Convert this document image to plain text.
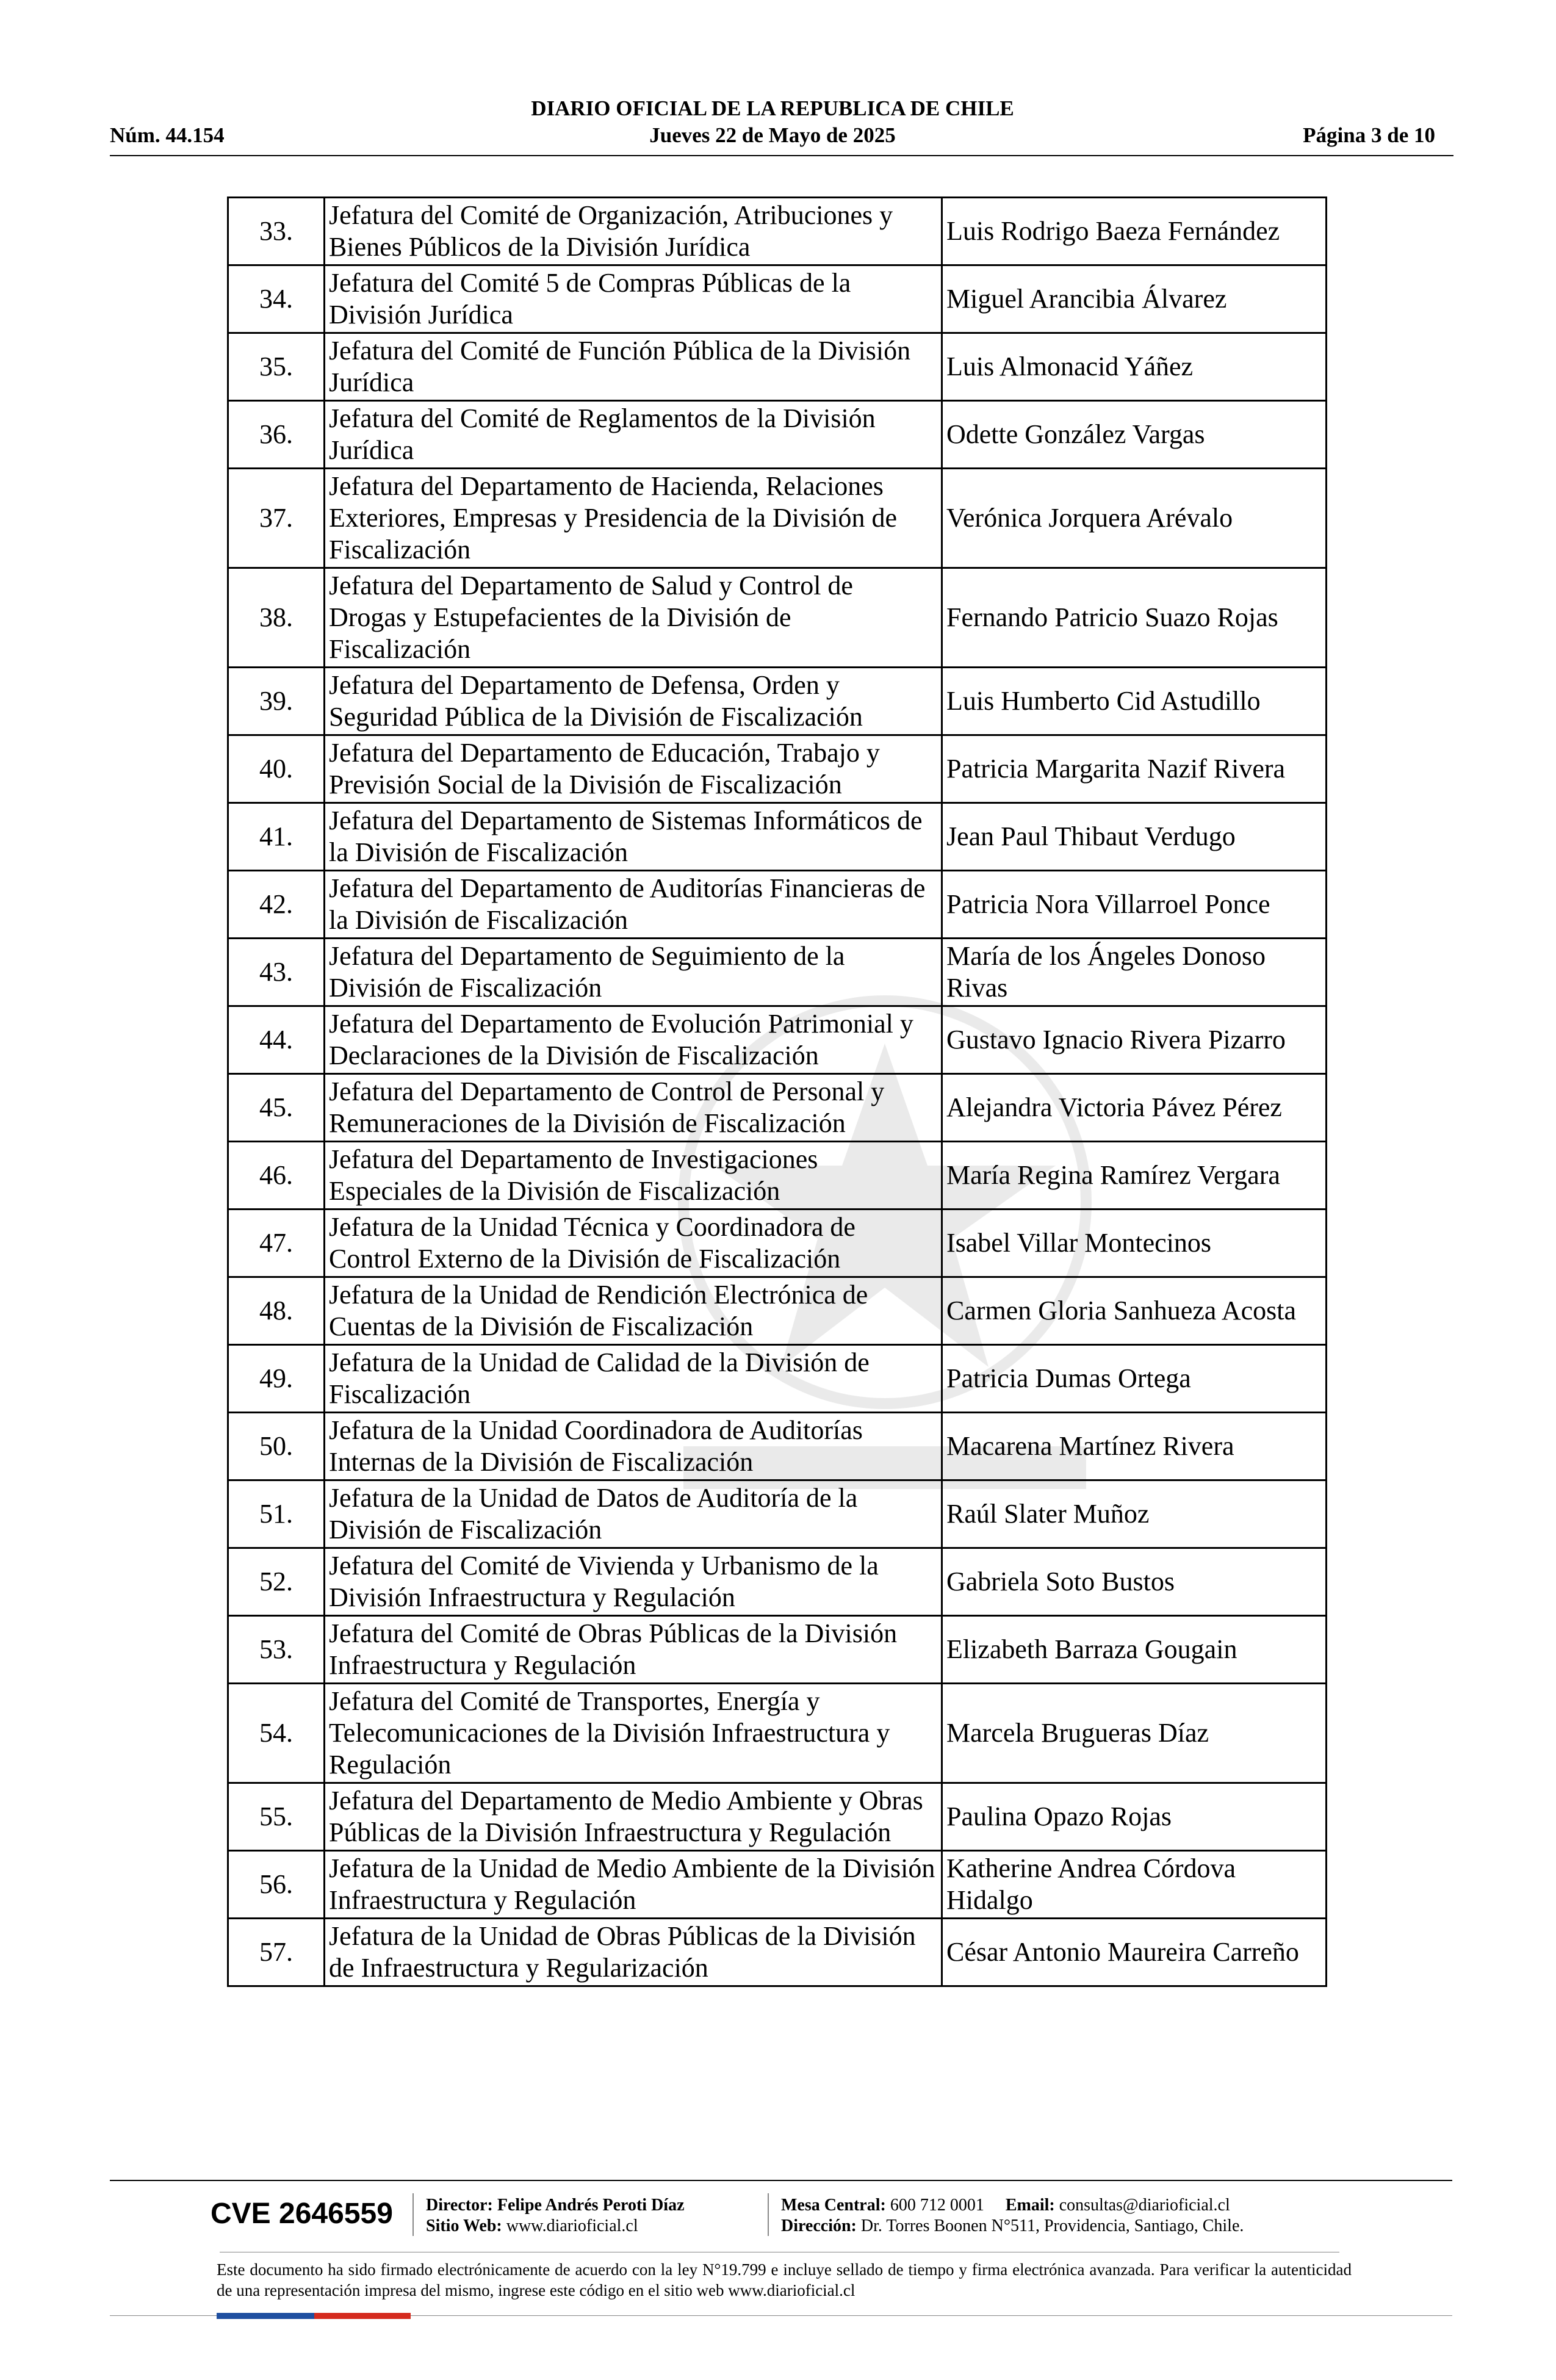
DIARIO OFICIAL DE LA REPUBLICA DE CHILE
Núm. 44.154	Jueves 22 de Mayo de 2025	Página 3 de 10
33.	Jefatura del Comité de Organización, Atribuciones y Bienes Públicos de la División Jurídica	Luis Rodrigo Baeza Fernández
34.	Jefatura del Comité 5 de Compras Públicas de la División Jurídica	Miguel Arancibia Álvarez
35.	Jefatura del Comité de Función Pública de la División Jurídica	Luis Almonacid Yáñez
36.	Jefatura del Comité de Reglamentos de la División Jurídica	Odette González Vargas
37.	Jefatura del Departamento de Hacienda, Relaciones Exteriores, Empresas y Presidencia de la División de Fiscalización	Verónica Jorquera Arévalo
38.	Jefatura del Departamento de Salud y Control de Drogas y Estupefacientes de la División de Fiscalización	Fernando Patricio Suazo Rojas
39.	Jefatura del Departamento de Defensa, Orden y Seguridad Pública de la División de Fiscalización	Luis Humberto Cid Astudillo
40.	Jefatura del Departamento de Educación, Trabajo y Previsión Social de la División de Fiscalización	Patricia Margarita Nazif Rivera
41.	Jefatura del Departamento de Sistemas Informáticos de la División de Fiscalización	Jean Paul Thibaut Verdugo
42.	Jefatura del Departamento de Auditorías Financieras de la División de Fiscalización	Patricia Nora Villarroel Ponce
43.	Jefatura del Departamento de Seguimiento de la División de Fiscalización	María de los Ángeles Donoso Rivas
44.	Jefatura del Departamento de Evolución Patrimonial y Declaraciones de la División de Fiscalización	Gustavo Ignacio Rivera Pizarro
45.	Jefatura del Departamento de Control de Personal y Remuneraciones de la División de Fiscalización	Alejandra Victoria Pávez Pérez
46.	Jefatura del Departamento de Investigaciones Especiales de la División de Fiscalización	María Regina Ramírez Vergara
47.	Jefatura de la Unidad Técnica y Coordinadora de Control Externo de la División de Fiscalización	Isabel Villar Montecinos
48.	Jefatura de la Unidad de Rendición Electrónica de Cuentas de la División de Fiscalización	Carmen Gloria Sanhueza Acosta
49.	Jefatura de la Unidad de Calidad de la División de Fiscalización	Patricia Dumas Ortega
50.	Jefatura de la Unidad Coordinadora de Auditorías Internas de la División de Fiscalización	Macarena Martínez Rivera
51.	Jefatura de la Unidad de Datos de Auditoría de la División de Fiscalización	Raúl Slater Muñoz
52.	Jefatura del Comité de Vivienda y Urbanismo de la División Infraestructura y Regulación	Gabriela Soto Bustos
53.	Jefatura del Comité de Obras Públicas de la División Infraestructura y Regulación	Elizabeth Barraza Gougain
54.	Jefatura del Comité de Transportes, Energía y Telecomunicaciones de la División Infraestructura y Regulación	Marcela Brugueras Díaz
55.	Jefatura del Departamento de Medio Ambiente y Obras Públicas de la División Infraestructura y Regulación	Paulina Opazo Rojas
56.	Jefatura de la Unidad de Medio Ambiente de la División Infraestructura y Regulación	Katherine Andrea Córdova Hidalgo
57.	Jefatura de la Unidad de Obras Públicas de la División de Infraestructura y Regularización	César Antonio Maureira Carreño
CVE 2646559 Director: Felipe Andrés Peroti Díaz
Sitio Web: www.diarioficial.cl
Mesa Central: 600 712 0001 Email: consultas@diarioficial.cl
Dirección: Dr. Torres Boonen N°511, Providencia, Santiago, Chile.
Este documento ha sido firmado electrónicamente de acuerdo con la ley N°19.799 e incluye sellado de tiempo y firma electrónica avanzada. Para verificar la autenticidad de una representación impresa del mismo, ingrese este código en el sitio web www.diarioficial.cl
